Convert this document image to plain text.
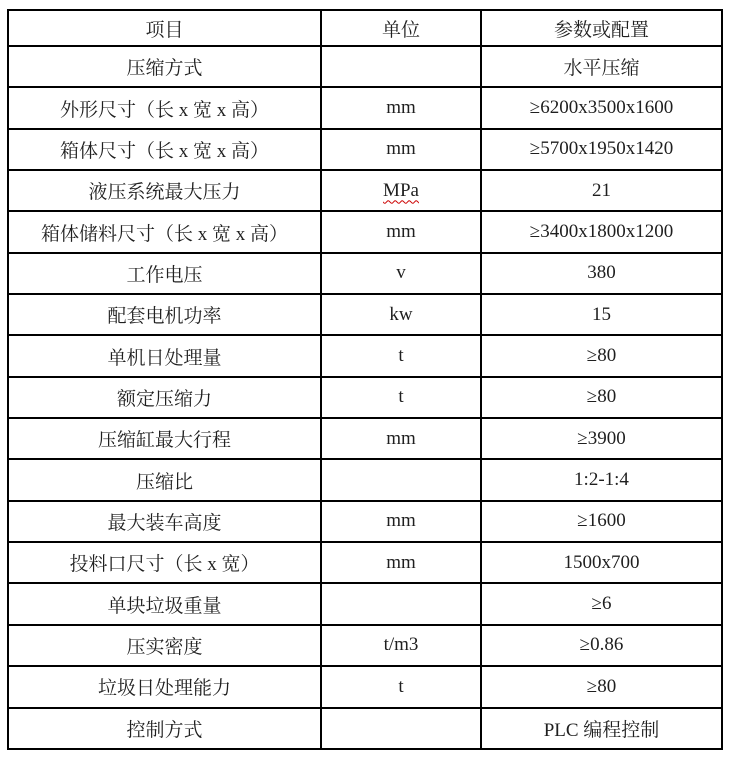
项目	单位	参数或配置
压缩方式		水平压缩
外形尺寸（长 x 宽 x 高）	mm	≥6200x3500x1600
箱体尺寸（长 x 宽 x 高）	mm	≥5700x1950x1420
液压系统最大压力	MPa	21
箱体储料尺寸（长 x 宽 x 高）	mm	≥3400x1800x1200
工作电压	v	380
配套电机功率	kw	15
单机日处理量	t	≥80
额定压缩力	t	≥80
压缩缸最大行程	mm	≥3900
压缩比		1:2-1:4
最大装车高度	mm	≥1600
投料口尺寸（长 x 宽）	mm	1500x700
单块垃圾重量		≥6
压实密度	t/m3	≥0.86
垃圾日处理能力	t	≥80
控制方式		PLC 编程控制
